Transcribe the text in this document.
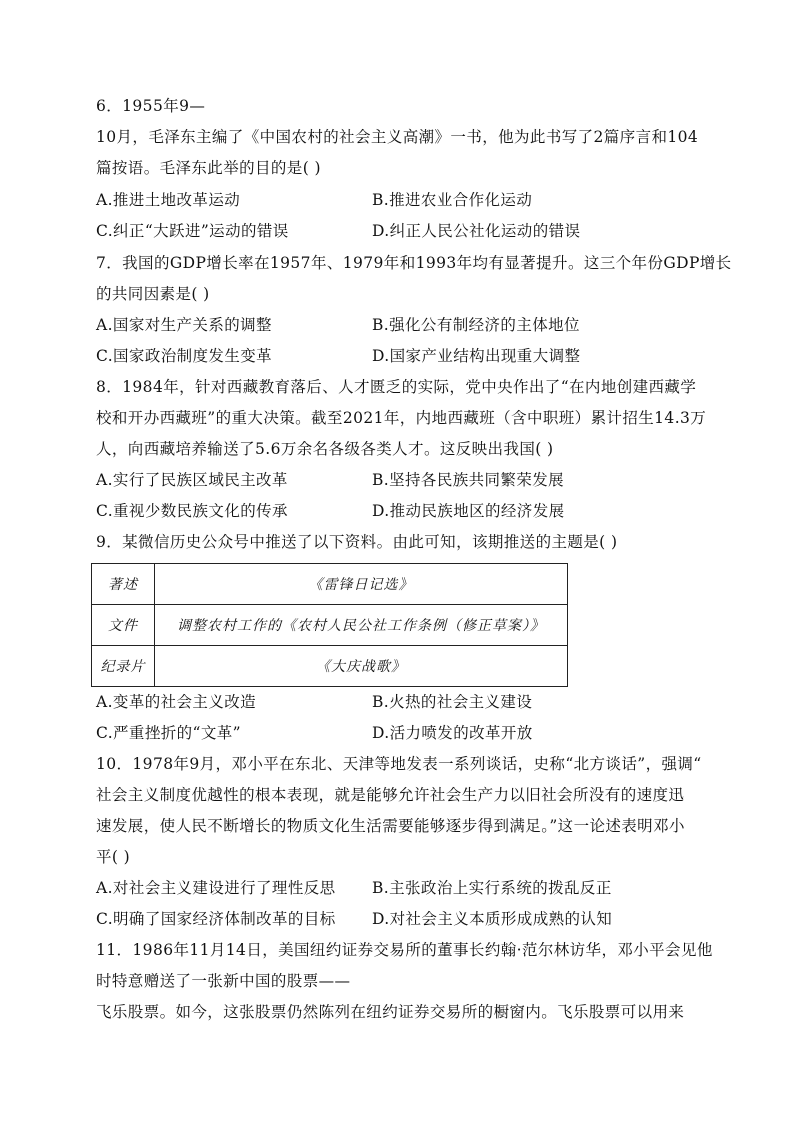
6．1955年9—
10月，毛泽东主编了《中国农村的社会主义高潮》一书，他为此书写了2篇序言和104
篇按语。毛泽东此举的目的是( )
A.推进土地改革运动	B.推进农业合作化运动
C.纠正“大跃进”运动的错误	D.纠正人民公社化运动的错误
7．我国的GDP增长率在1957年、1979年和1993年均有显著提升。这三个年份GDP增长
的共同因素是( )
A.国家对生产关系的调整	B.强化公有制经济的主体地位
C.国家政治制度发生变革	D.国家产业结构出现重大调整
8．1984年，针对西藏教育落后、人才匮乏的实际，党中央作出了“在内地创建西藏学
校和开办西藏班”的重大决策。截至2021年，内地西藏班（含中职班）累计招生14.3万
人，向西藏培养输送了5.6万余名各级各类人才。这反映出我国( )
A.实行了民族区域民主改革	B.坚持各民族共同繁荣发展
C.重视少数民族文化的传承	D.推动民族地区的经济发展
9．某微信历史公众号中推送了以下资料。由此可知，该期推送的主题是( )
著述	《雷锋日记选》
文件	调整农村工作的《农村人民公社工作条例（修正草案）》
纪录片	《大庆战歌》
A.变革的社会主义改造	B.火热的社会主义建设
C.严重挫折的“文革”	D.活力喷发的改革开放
10．1978年9月，邓小平在东北、天津等地发表一系列谈话，史称“北方谈话”，强调“
社会主义制度优越性的根本表现，就是能够允许社会生产力以旧社会所没有的速度迅
速发展，使人民不断增长的物质文化生活需要能够逐步得到满足。”这一论述表明邓小
平( )
A.对社会主义建设进行了理性反思 B.主张政治上实行系统的拨乱反正
C.明确了国家经济体制改革的目标 D.对社会主义本质形成成熟的认知
11．1986年11月14日，美国纽约证券交易所的董事长约翰·范尔林访华，邓小平会见他
时特意赠送了一张新中国的股票——
飞乐股票。如今，这张股票仍然陈列在纽约证券交易所的橱窗内。飞乐股票可以用来
